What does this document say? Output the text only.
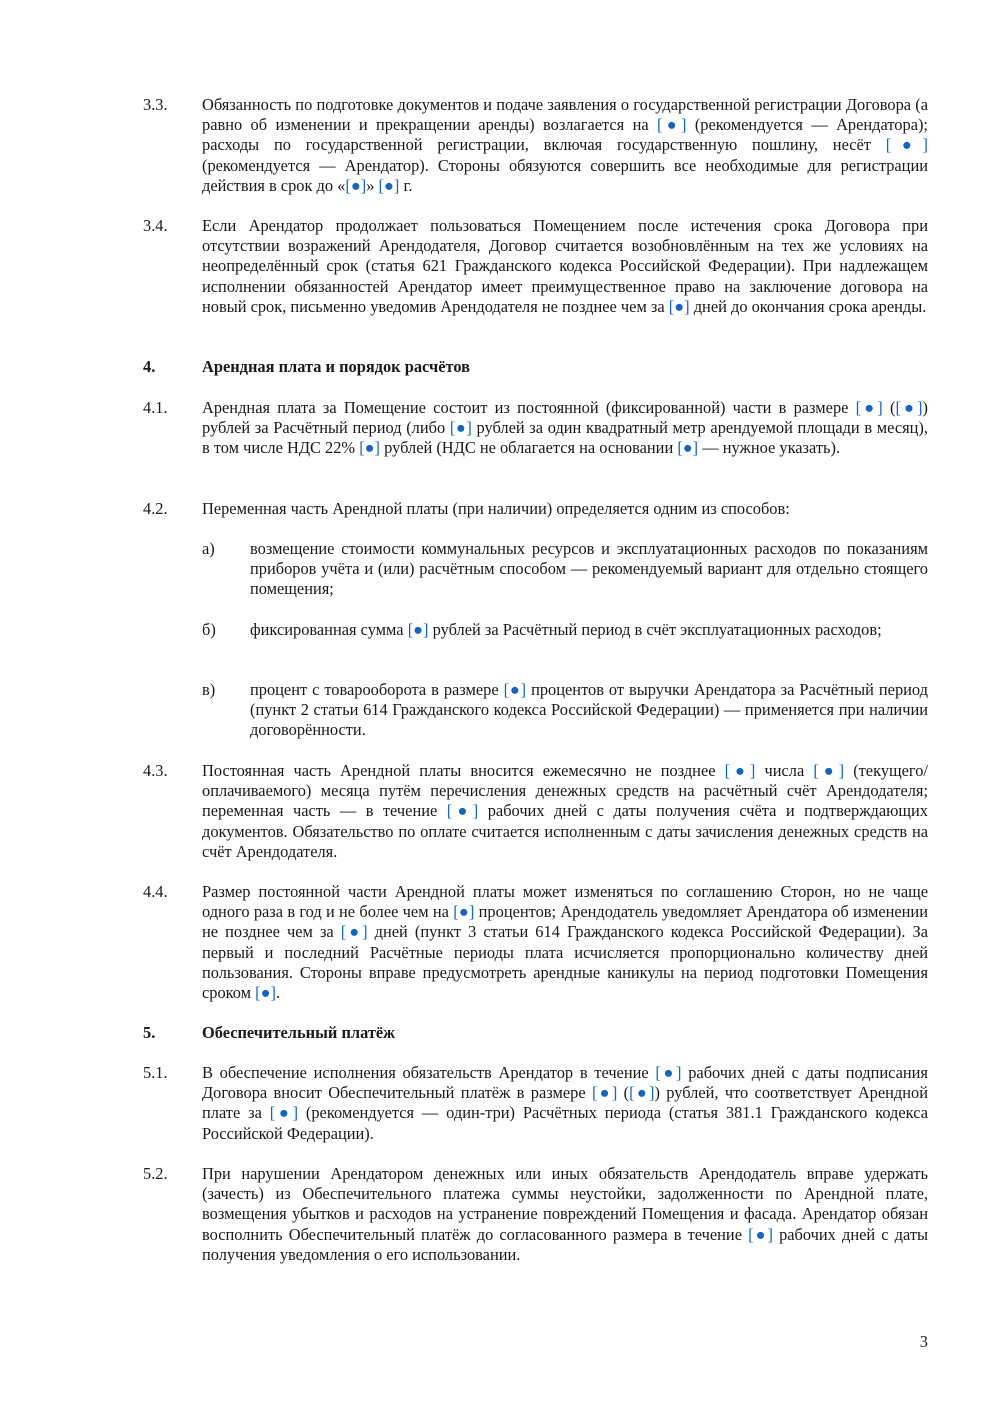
3.3.	Обязанность по подготовке документов и подаче заявления о государственной регистрации Договора (а равно об изменении и прекращении аренды) возлагается на [●] (рекомендуется — Арендатора); расходы по государственной регистрации, включая государственную пошлину, несёт [●] (рекомендуется — Арендатор). Стороны обязуются совершить все необходимые для регистрации действия в срок до «[●]» [●] г.
3.4.	Если Арендатор продолжает пользоваться Помещением после истечения срока Договора при отсутствии возражений Арендодателя, Договор считается возобновлённым на тех же условиях на неопределённый срок (статья 621 Гражданского кодекса Российской Федерации). При надлежащем исполнении обязанностей Арендатор имеет преимущественное право на заключение договора на новый срок, письменно уведомив Арендодателя не позднее чем за [●] дней до окончания срока аренды.
4.	Арендная плата и порядок расчётов
4.1.	Арендная плата за Помещение состоит из постоянной (фиксированной) части в размере [●] ([●]) рублей за Расчётный период (либо [●] рублей за один квадратный метр арендуемой площади в месяц), в том числе НДС 22% [●] рублей (НДС не облагается на основании [●] — нужное указать).
4.2.	Переменная часть Арендной платы (при наличии) определяется одним из способов:
а)	возмещение стоимости коммунальных ресурсов и эксплуатационных расходов по показаниям приборов учёта и (или) расчётным способом — рекомендуемый вариант для отдельно стоящего помещения;
б)	фиксированная сумма [●] рублей за Расчётный период в счёт эксплуатационных расходов;
в)	процент с товарооборота в размере [●] процентов от выручки Арендатора за Расчётный период (пункт 2 статьи 614 Гражданского кодекса Российской Федерации) — применяется при наличии договорённости.
4.3.	Постоянная часть Арендной платы вносится ежемесячно не позднее [●] числа [●] (текущего/оплачиваемого) месяца путём перечисления денежных средств на расчётный счёт Арендодателя; переменная часть — в течение [●] рабочих дней с даты получения счёта и подтверждающих документов. Обязательство по оплате считается исполненным с даты зачисления денежных средств на счёт Арендодателя.
4.4.	Размер постоянной части Арендной платы может изменяться по соглашению Сторон, но не чаще одного раза в год и не более чем на [●] процентов; Арендодатель уведомляет Арендатора об изменении не позднее чем за [●] дней (пункт 3 статьи 614 Гражданского кодекса Российской Федерации). За первый и последний Расчётные периоды плата исчисляется пропорционально количеству дней пользования. Стороны вправе предусмотреть арендные каникулы на период подготовки Помещения сроком [●].
5.	Обеспечительный платёж
5.1.	В обеспечение исполнения обязательств Арендатор в течение [●] рабочих дней с даты подписания Договора вносит Обеспечительный платёж в размере [●] ([●]) рублей, что соответствует Арендной плате за [●] (рекомендуется — один-три) Расчётных периода (статья 381.1 Гражданского кодекса Российской Федерации).
5.2.	При нарушении Арендатором денежных или иных обязательств Арендодатель вправе удержать (зачесть) из Обеспечительного платежа суммы неустойки, задолженности по Арендной плате, возмещения убытков и расходов на устранение повреждений Помещения и фасада. Арендатор обязан восполнить Обеспечительный платёж до согласованного размера в течение [●] рабочих дней с даты получения уведомления о его использовании.
3
